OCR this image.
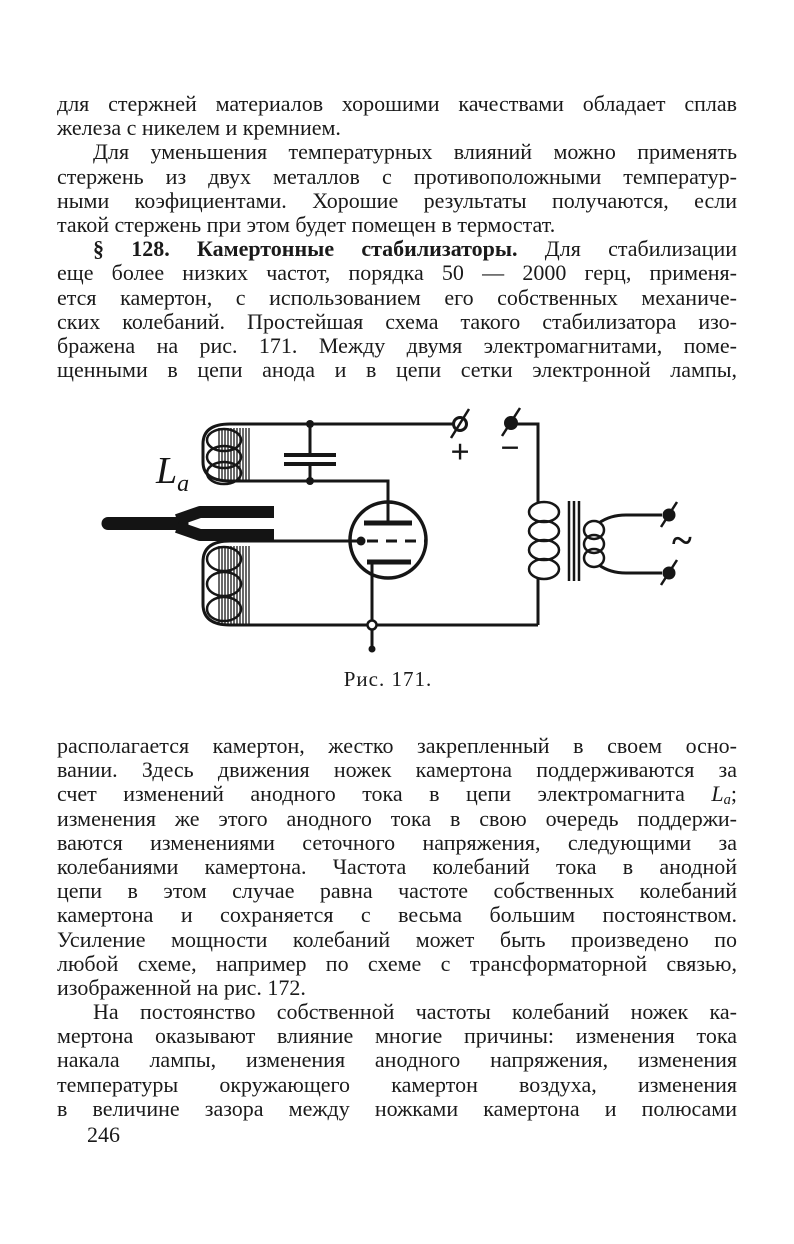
для стержней материалов хорошими качествами обладает сплав
железа с никелем и кремнием.
Для уменьшения температурных влияний можно применять
стержень из двух металлов с противоположными температур-
ными коэфициентами. Хорошие результаты получаются, если
такой стержень при этом будет помещен в термостат.
§ 128. Камертонные стабилизаторы. Для стабилизации
еще более низких частот, порядка 50 — 2000 герц, применя-
ется камертон, с использованием его собственных механиче-
ских колебаний. Простейшая схема такого стабилизатора изо-
бражена на рис. 171. Между двумя электромагнитами, поме-
щенными в цепи анода и в цепи сетки электронной лампы,
$L_a$
+ −
~
Рис. 171.
располагается камертон, жестко закрепленный в своем осно-
вании. Здесь движения ножек камертона поддерживаются за
счет изменений анодного тока в цепи электромагнита $L_a$;
изменения же этого анодного тока в свою очередь поддержи-
ваются изменениями сеточного напряжения, следующими за
колебаниями камертона. Частота колебаний тока в анодной
цепи в этом случае равна частоте собственных колебаний
камертона и сохраняется с весьма большим постоянством.
Усиление мощности колебаний может быть произведено по
любой схеме, например по схеме с трансформаторной связью,
изображенной на рис. 172.
На постоянство собственной частоты колебаний ножек ка-
мертона оказывают влияние многие причины: изменения тока
накала лампы, изменения анодного напряжения, изменения
температуры окружающего камертон воздуха, изменения
в величине зазора между ножками камертона и полюсами
246
